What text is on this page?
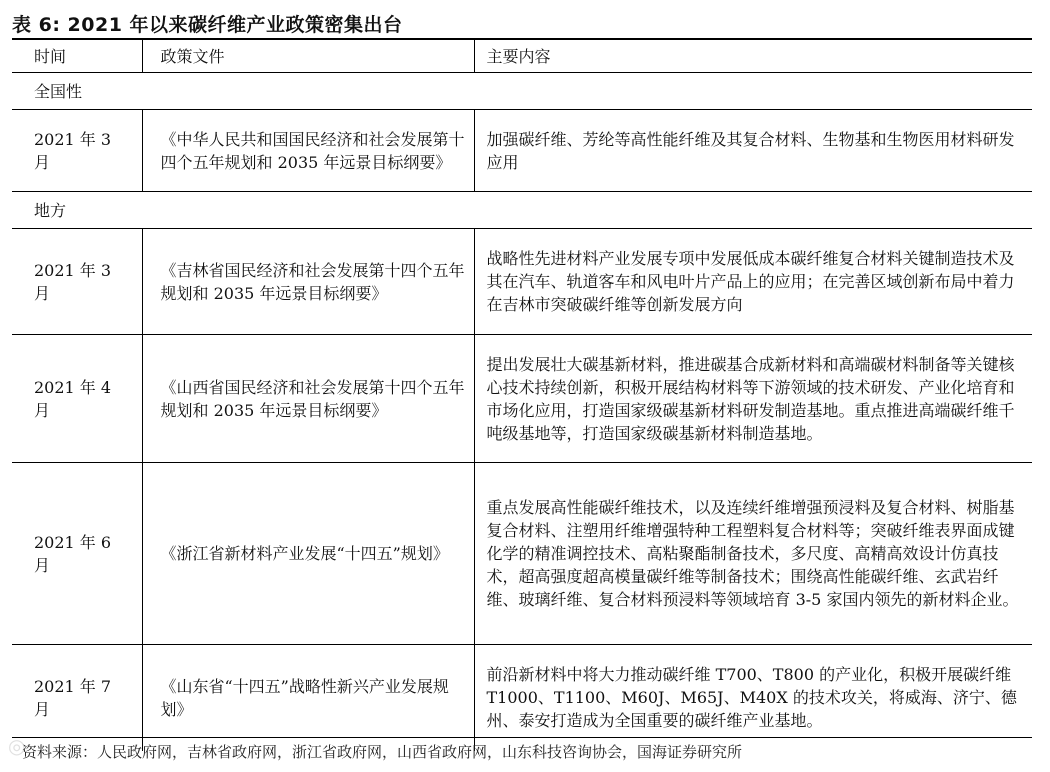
表 6: 2021 年以来碳纤维产业政策密集出台
时间	政策文件	主要内容
全国性		

2021 年 3 月	《中华人民共和国国民经济和社会发展第十四个五年规划和 2035 年远景目标纲要》	加强碳纤维、芳纶等高性能纤维及其复合材料、生物基和生物医用材料研发应用

地方		

2021 年 3 月	《吉林省国民经济和社会发展第十四个五年规划和 2035 年远景目标纲要》	战略性先进材料产业发展专项中发展低成本碳纤维复合材料关键制造技术及其在汽车、轨道客车和风电叶片产品上的应用；在完善区域创新布局中着力在吉林市突破碳纤维等创新发展方向

2021 年 4 月	《山西省国民经济和社会发展第十四个五年规划和 2035 年远景目标纲要》	提出发展壮大碳基新材料，推进碳基合成新材料和高端碳材料制备等关键核心技术持续创新，积极开展结构材料等下游领域的技术研发、产业化培育和市场化应用，打造国家级碳基新材料研发制造基地。重点推进高端碳纤维千吨级基地等，打造国家级碳基新材料制造基地。

2021 年 6 月	《浙江省新材料产业发展“十四五”规划》	重点发展高性能碳纤维技术，以及连续纤维增强预浸料及复合材料、树脂基复合材料、注塑用纤维增强特种工程塑料复合材料等；突破纤维表界面成键化学的精准调控技术、高粘聚酯制备技术，多尺度、高精高效设计仿真技术，超高强度超高模量碳纤维等制备技术；围绕高性能碳纤维、玄武岩纤维、玻璃纤维、复合材料预浸料等领域培育 3-5 家国内领先的新材料企业。

2021 年 7 月	《山东省“十四五”战略性新兴产业发展规划》	前沿新材料中将大力推动碳纤维 T700、T800 的产业化，积极开展碳纤维 T1000、T1100、M60J、M65J、M40X 的技术攻关，将威海、济宁、德州、泰安打造成为全国重要的碳纤维产业基地。
◎
资料来源：人民政府网，吉林省政府网，浙江省政府网，山西省政府网，山东科技咨询协会，国海证券研究所
